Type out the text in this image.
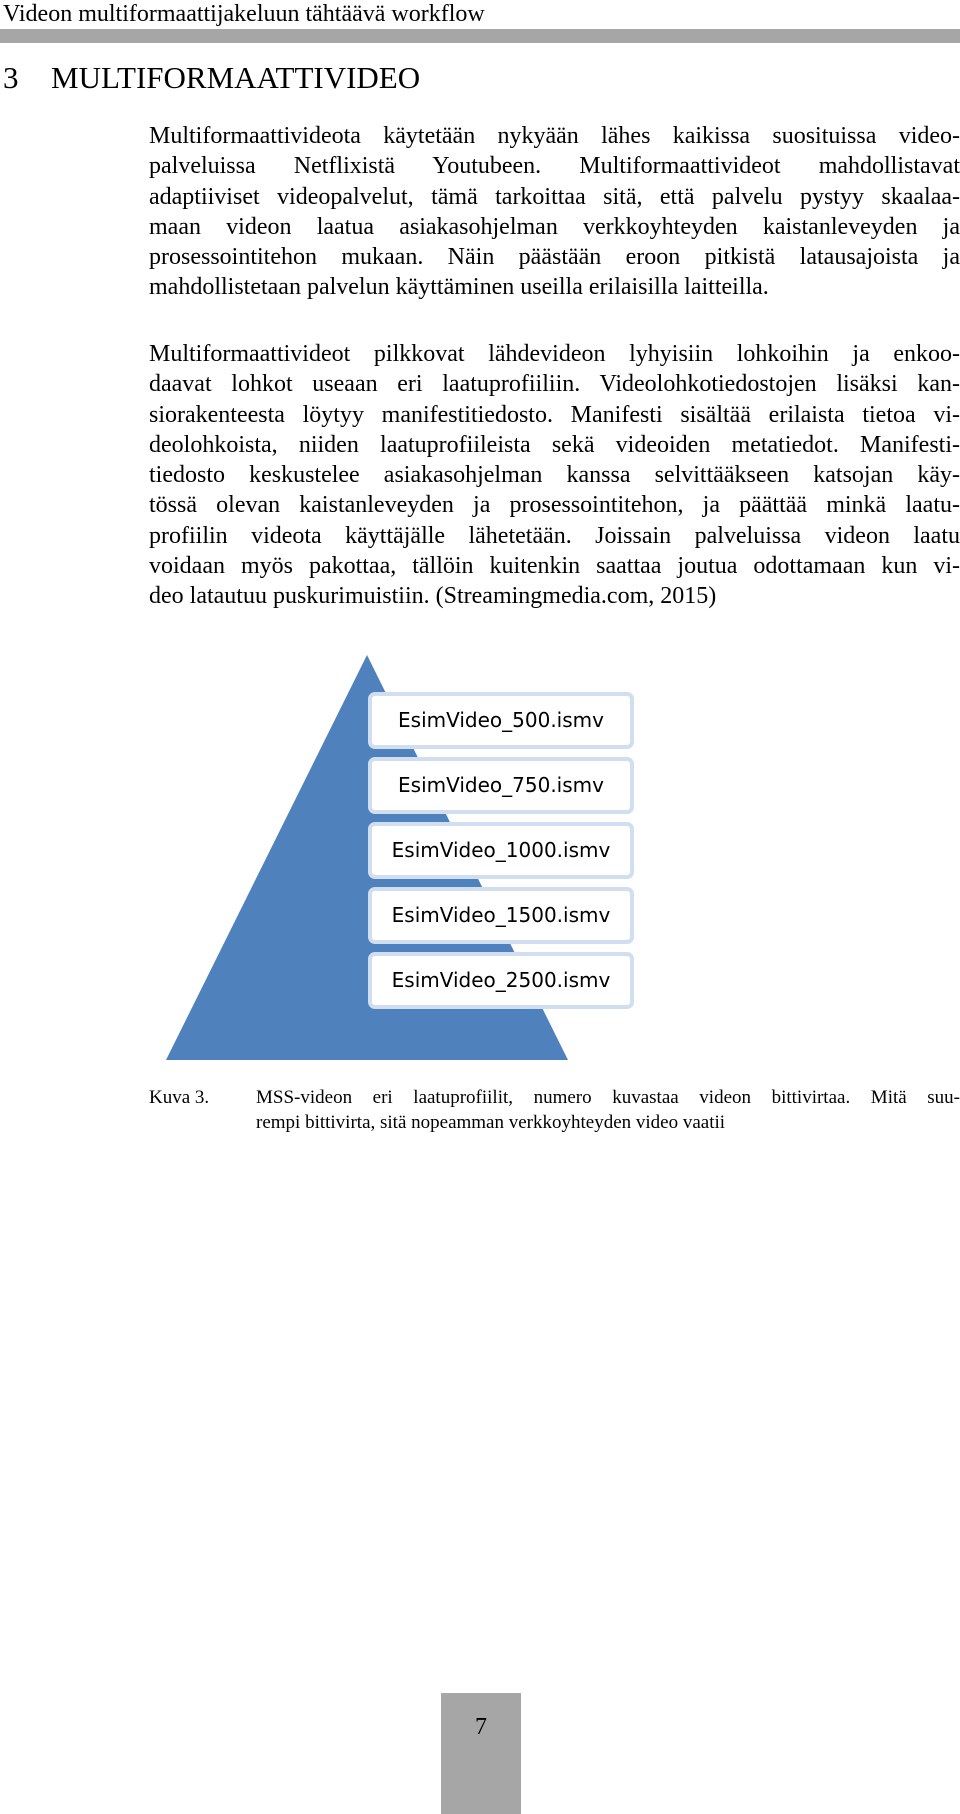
Videon multiformaattijakeluun tähtäävä workflow
3 MULTIFORMAATTIVIDEO
Multiformaattivideota käytetään nykyään lähes kaikissa suosituissa video-
palveluissa Netflixistä Youtubeen. Multiformaattivideot mahdollistavat
adaptiiviset videopalvelut, tämä tarkoittaa sitä, että palvelu pystyy skaalaa-
maan videon laatua asiakasohjelman verkkoyhteyden kaistanleveyden ja
prosessointitehon mukaan. Näin päästään eroon pitkistä latausajoista ja
mahdollistetaan palvelun käyttäminen useilla erilaisilla laitteilla.
Multiformaattivideot pilkkovat lähdevideon lyhyisiin lohkoihin ja enkoo-
daavat lohkot useaan eri laatuprofiiliin. Videolohkotiedostojen lisäksi kan-
siorakenteesta löytyy manifestitiedosto. Manifesti sisältää erilaista tietoa vi-
deolohkoista, niiden laatuprofiileista sekä videoiden metatiedot. Manifesti-
tiedosto keskustelee asiakasohjelman kanssa selvittääkseen katsojan käy-
tössä olevan kaistanleveyden ja prosessointitehon, ja päättää minkä laatu-
profiilin videota käyttäjälle lähetetään. Joissain palveluissa videon laatu
voidaan myös pakottaa, tällöin kuitenkin saattaa joutua odottamaan kun vi-
deo latautuu puskurimuistiin. (Streamingmedia.com, 2015)
EsimVideo_500.ismv
EsimVideo_750.ismv
EsimVideo_1000.ismv
EsimVideo_1500.ismv
EsimVideo_2500.ismv
Kuva 3. MSS-videon eri laatuprofiilit, numero kuvastaa videon bittivirtaa. Mitä suu-
rempi bittivirta, sitä nopeamman verkkoyhteyden video vaatii
7
